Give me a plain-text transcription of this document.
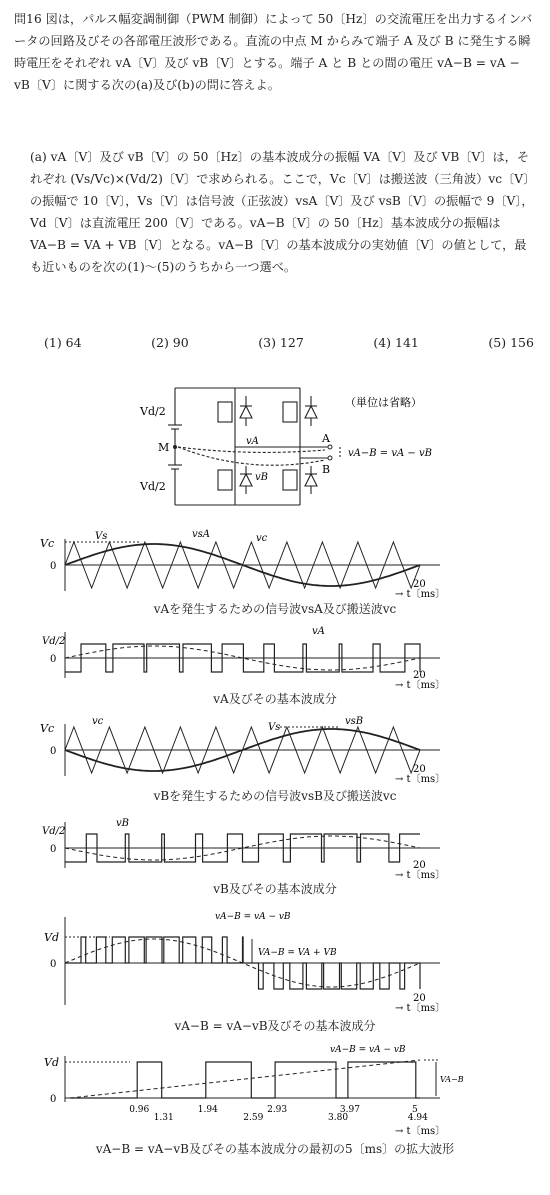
問16 図は，パルス幅変調制御（PWM 制御）によって 50〔Hz〕の交流電圧を出力するインバータの回路及びその各部電圧波形である。直流の中点 M からみて端子 A 及び B に発生する瞬時電圧をそれぞれ vA〔V〕及び vB〔V〕とする。端子 A と B との間の電圧 vA−B = vA − vB〔V〕に関する次の(a)及び(b)の問に答えよ。
(a) vA〔V〕及び vB〔V〕の 50〔Hz〕の基本波成分の振幅 VA〔V〕及び VB〔V〕は，それぞれ (Vs/Vc)×(Vd/2)〔V〕で求められる。ここで，Vc〔V〕は搬送波（三角波）vc〔V〕の振幅で 10〔V〕，Vs〔V〕は信号波（正弦波）vsA〔V〕及び vsB〔V〕の振幅で 9〔V〕，Vd〔V〕は直流電圧 200〔V〕である。vA−B〔V〕の 50〔Hz〕基本波成分の振幅は VA−B = VA + VB〔V〕となる。vA−B〔V〕の基本波成分の実効値〔V〕の値として，最も近いものを次の(1)〜(5)のうちから一つ選べ。
(1) 64	(2) 90	(3) 127	(4) 141	(5) 156
Vd/2
Vd/2
M
A
B
vA
vB
vA−B = vA − vB
（単位は省略）
Vc
0
Vs	vsA	vc
20
→ t〔ms〕
vAを発生するための信号波vsA及び搬送波vc
Vd/2
0
vA
20
→ t〔ms〕
vA及びその基本波成分
Vc
0
vc
Vs
vsB
20
→ t〔ms〕
vBを発生するための信号波vsB及び搬送波vc
Vd/2
0
vB
20
→ t〔ms〕
vB及びその基本波成分
Vd
0
vA−B = vA − vB
VA−B = VA + VB
20
→ t〔ms〕
vA−B = vA−vB及びその基本波成分
Vd
0
vA−B = vA − vB
VA−B
0.96
1.31
1.94
2.59
2.93
3.80
3.97
4.94
5
→ t〔ms〕
vA−B = vA−vB及びその基本波成分の最初の5〔ms〕の拡大波形
